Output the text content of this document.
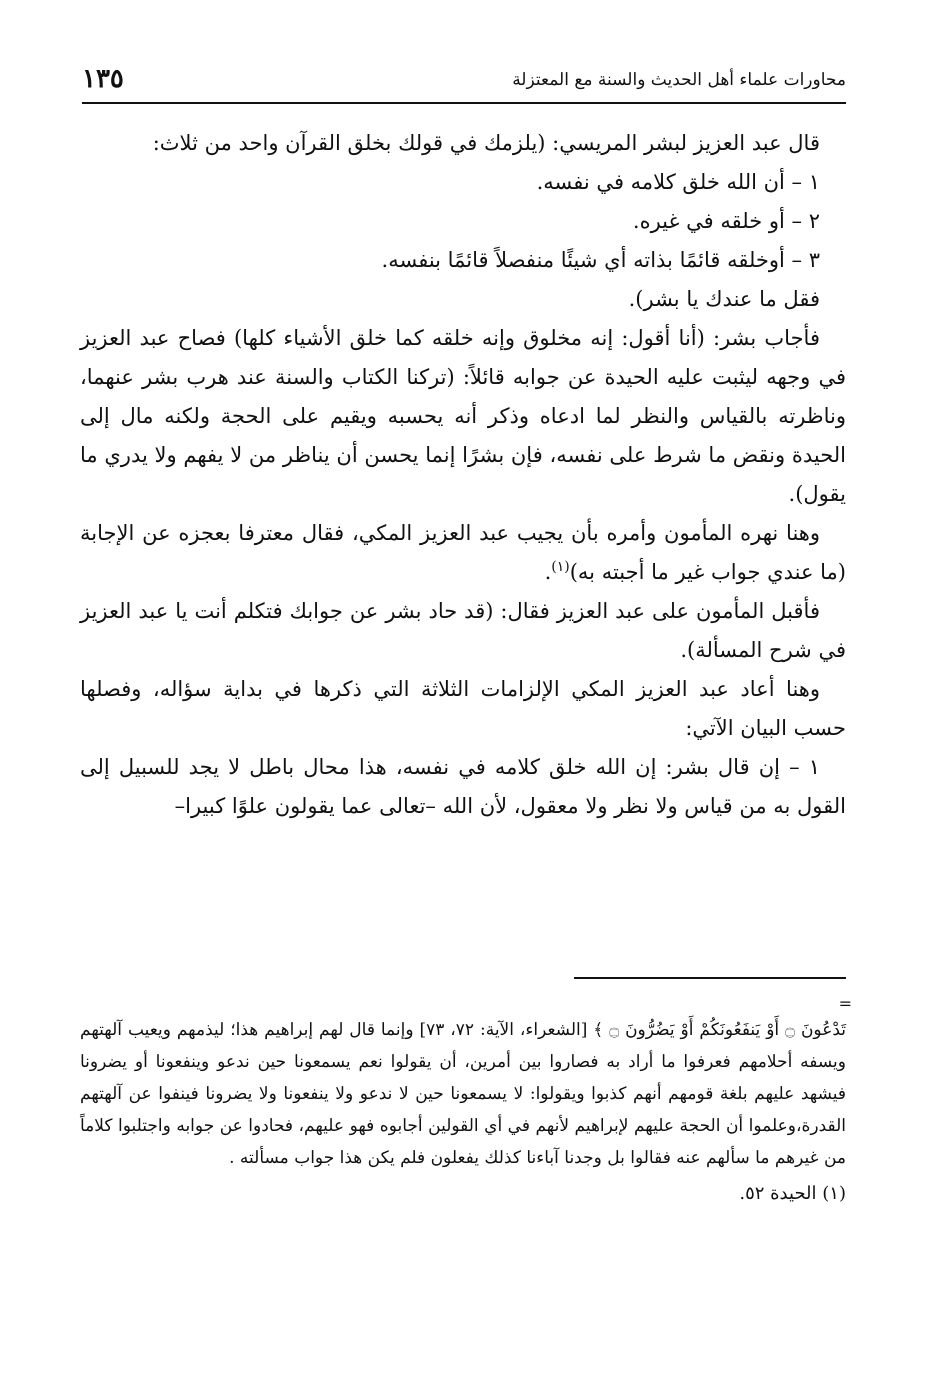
محاورات علماء أهل الحديث والسنة مع المعتزلة
١٣٥

قال عبد العزيز لبشر المريسي: (يلزمك في قولك بخلق القرآن واحد من ثلاث:

١ – أن الله خلق كلامه في نفسه.

٢ – أو خلقه في غيره.

٣ – أوخلقه قائمًا بذاته أي شيئًا منفصلاً قائمًا بنفسه.

فقل ما عندك يا بشر).

فأجاب بشر: (أنا أقول: إنه مخلوق وإنه خلقه كما خلق الأشياء كلها) فصاح عبد العزيز في وجهه ليثبت عليه الحيدة عن جوابه قائلاً: (تركنا الكتاب والسنة عند هرب بشر عنهما، وناظرته بالقياس والنظر لما ادعاه وذكر أنه يحسبه ويقيم على الحجة ولكنه مال إلى الحيدة ونقض ما شرط على نفسه، فإن بشرًا إنما يحسن أن يناظر من لا يفهم ولا يدري ما يقول).

وهنا نهره المأمون وأمره بأن يجيب عبد العزيز المكي، فقال معترفا بعجزه عن الإجابة (ما عندي جواب غير ما أجبته به)$^{(١)}$.

فأقبل المأمون على عبد العزيز فقال: (قد حاد بشر عن جوابك فتكلم أنت يا عبد العزيز في شرح المسألة).

وهنا أعاد عبد العزيز المكي الإلزامات الثلاثة التي ذكرها في بداية سؤاله، وفصلها حسب البيان الآتي:

١ – إن قال بشر: إن الله خلق كلامه في نفسه، هذا محال باطل لا يجد للسبيل إلى القول به من قياس ولا نظر ولا معقول، لأن الله –تعالى عما يقولون علوًا كبيرا–

=

تَدْعُونَ ۝ أَوْ يَنفَعُونَكُمْ أَوْ يَضُرُّونَ ۝ ﴾ [الشعراء، الآية: ٧٢، ٧٣] وإنما قال لهم إبراهيم هذا؛ ليذمهم ويعيب آلهتهم ويسفه أحلامهم فعرفوا ما أراد به فصاروا بين أمرين، أن يقولوا نعم يسمعونا حين ندعو وينفعونا أو يضرونا فيشهد عليهم بلغة قومهم أنهم كذبوا ويقولوا: لا يسمعونا حين لا ندعو ولا ينفعونا ولا يضرونا فينفوا عن آلهتهم القدرة،وعلموا أن الحجة عليهم لإبراهيم لأنهم في أي القولين أجابوه فهو عليهم، فحادوا عن جوابه واجتلبوا كلاماً من غيرهم ما سألهم عنه فقالوا بل وجدنا آباءنا كذلك يفعلون فلم يكن هذا جواب مسألته .

(١) الحيدة ٥٢.
